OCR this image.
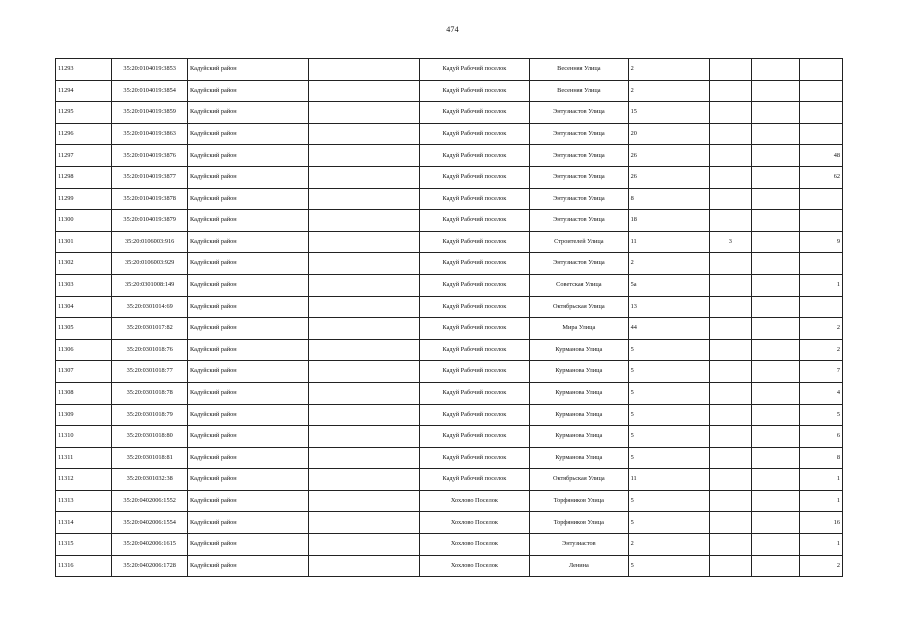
474
11293	35:20:0104019:3853	Кадуйский район		Кадуй Рабочий поселок	Весенняя Улица	2			
11294	35:20:0104019:3854	Кадуйский район		Кадуй Рабочий поселок	Весенняя Улица	2			
11295	35:20:0104019:3859	Кадуйский район		Кадуй Рабочий поселок	Энтузиастов Улица	15			
11296	35:20:0104019:3863	Кадуйский район		Кадуй Рабочий поселок	Энтузиастов Улица	20			
11297	35:20:0104019:3876	Кадуйский район		Кадуй Рабочий поселок	Энтузиастов Улица	26			48
11298	35:20:0104019:3877	Кадуйский район		Кадуй Рабочий поселок	Энтузиастов Улица	26			62
11299	35:20:0104019:3878	Кадуйский район		Кадуй Рабочий поселок	Энтузиастов Улица	8			
11300	35:20:0104019:3879	Кадуйский район		Кадуй Рабочий поселок	Энтузиастов Улица	18			
11301	35:20:0106003:916	Кадуйский район		Кадуй Рабочий поселок	Строителей Улица	11	3		9
11302	35:20:0106003:929	Кадуйский район		Кадуй Рабочий поселок	Энтузиастов Улица	2			
11303	35:20:0301008:149	Кадуйский район		Кадуй Рабочий поселок	Советская Улица	5а			1
11304	35:20:0301014:69	Кадуйский район		Кадуй Рабочий поселок	Октябрьская Улица	13			
11305	35:20:0301017:82	Кадуйский район		Кадуй Рабочий поселок	Мира Улица	44			2
11306	35:20:0301018:76	Кадуйский район		Кадуй Рабочий поселок	Курманова Улица	5			2
11307	35:20:0301018:77	Кадуйский район		Кадуй Рабочий поселок	Курманова Улица	5			7
11308	35:20:0301018:78	Кадуйский район		Кадуй Рабочий поселок	Курманова Улица	5			4
11309	35:20:0301018:79	Кадуйский район		Кадуй Рабочий поселок	Курманова Улица	5			5
11310	35:20:0301018:80	Кадуйский район		Кадуй Рабочий поселок	Курманова Улица	5			6
11311	35:20:0301018:81	Кадуйский район		Кадуй Рабочий поселок	Курманова Улица	5			8
11312	35:20:0301032:38	Кадуйский район		Кадуй Рабочий поселок	Октябрьская Улица	11			1
11313	35:20:0402006:1552	Кадуйский район		Хохлово Поселок	Торфяников Улица	5			1
11314	35:20:0402006:1554	Кадуйский район		Хохлово Поселок	Торфяников Улица	5			16
11315	35:20:0402006:1615	Кадуйский район		Хохлово Поселок	Энтузиастов	2			1
11316	35:20:0402006:1728	Кадуйский район		Хохлово Поселок	Ленина	5			2
